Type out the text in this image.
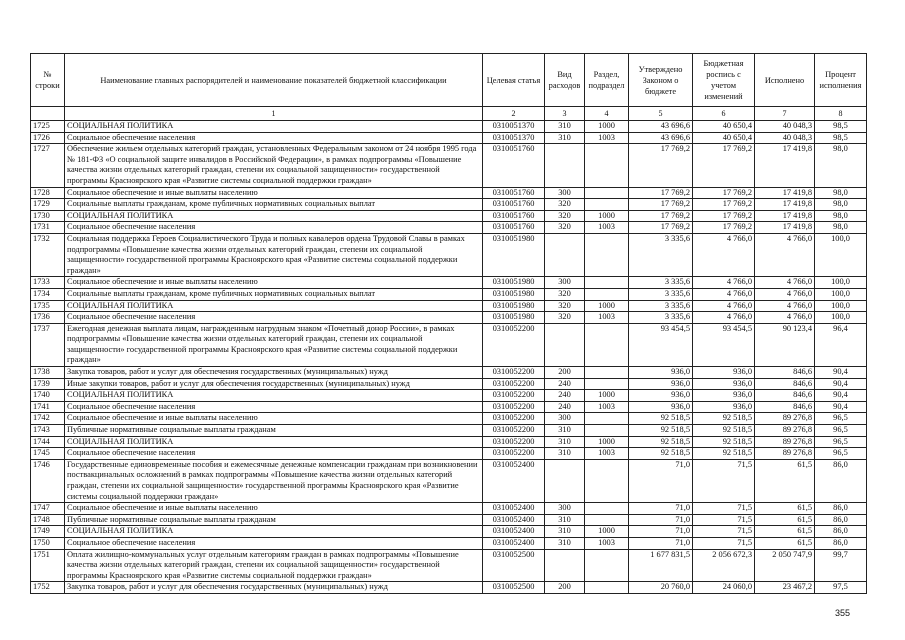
№ строки	Наименование главных распорядителей и наименование показателей бюджетной классификации	Целевая статья	Вид расходов	Раздел, подраздел	Утверждено Законом о бюджете	Бюджетная роспись с учетом изменений	Исполнено	Процент исполнения
	1	2	3	4	5	6	7	8
1725	СОЦИАЛЬНАЯ ПОЛИТИКА	0310051370	310	1000	43 696,6	40 650,4	40 048,3	98,5
1726	Социальное обеспечение населения	0310051370	310	1003	43 696,6	40 650,4	40 048,3	98,5
1727	Обеспечение жильем отдельных категорий граждан, установленных Федеральным законом от 24 ноября 1995 года № 181-ФЗ «О социальной защите инвалидов в Российской Федерации», в рамках подпрограммы «Повышение качества жизни отдельных категорий граждан, степени их социальной защищенности» государственной программы Красноярского края «Развитие системы социальной поддержки граждан»	0310051760			17 769,2	17 769,2	17 419,8	98,0
1728	Социальное обеспечение и иные выплаты населению	0310051760	300		17 769,2	17 769,2	17 419,8	98,0
1729	Социальные выплаты гражданам, кроме публичных нормативных социальных выплат	0310051760	320		17 769,2	17 769,2	17 419,8	98,0
1730	СОЦИАЛЬНАЯ ПОЛИТИКА	0310051760	320	1000	17 769,2	17 769,2	17 419,8	98,0
1731	Социальное обеспечение населения	0310051760	320	1003	17 769,2	17 769,2	17 419,8	98,0
1732	Социальная поддержка Героев Социалистического Труда и полных кавалеров ордена Трудовой Славы в рамках подпрограммы «Повышение качества жизни отдельных категорий граждан, степени их социальной защищенности» государственной программы Красноярского края «Развитие системы социальной поддержки граждан»	0310051980			3 335,6	4 766,0	4 766,0	100,0
1733	Социальное обеспечение и иные выплаты населению	0310051980	300		3 335,6	4 766,0	4 766,0	100,0
1734	Социальные выплаты гражданам, кроме публичных нормативных социальных выплат	0310051980	320		3 335,6	4 766,0	4 766,0	100,0
1735	СОЦИАЛЬНАЯ ПОЛИТИКА	0310051980	320	1000	3 335,6	4 766,0	4 766,0	100,0
1736	Социальное обеспечение населения	0310051980	320	1003	3 335,6	4 766,0	4 766,0	100,0
1737	Ежегодная денежная выплата лицам, награжденным нагрудным знаком «Почетный донор России», в рамках подпрограммы «Повышение качества жизни отдельных категорий граждан, степени их социальной защищенности» государственной программы Красноярского края «Развитие системы социальной поддержки граждан»	0310052200			93 454,5	93 454,5	90 123,4	96,4
1738	Закупка товаров, работ и услуг для обеспечения государственных (муниципальных) нужд	0310052200	200		936,0	936,0	846,6	90,4
1739	Иные закупки товаров, работ и услуг для обеспечения государственных (муниципальных) нужд	0310052200	240		936,0	936,0	846,6	90,4
1740	СОЦИАЛЬНАЯ ПОЛИТИКА	0310052200	240	1000	936,0	936,0	846,6	90,4
1741	Социальное обеспечение населения	0310052200	240	1003	936,0	936,0	846,6	90,4
1742	Социальное обеспечение и иные выплаты населению	0310052200	300		92 518,5	92 518,5	89 276,8	96,5
1743	Публичные нормативные социальные выплаты гражданам	0310052200	310		92 518,5	92 518,5	89 276,8	96,5
1744	СОЦИАЛЬНАЯ ПОЛИТИКА	0310052200	310	1000	92 518,5	92 518,5	89 276,8	96,5
1745	Социальное обеспечение населения	0310052200	310	1003	92 518,5	92 518,5	89 276,8	96,5
1746	Государственные единовременные пособия и ежемесячные денежные компенсации гражданам при возникновении поствакцинальных осложнений в рамках подпрограммы «Повышение качества жизни отдельных категорий граждан, степени их социальной защищенности» государственной программы Красноярского края «Развитие системы социальной поддержки граждан»	0310052400			71,0	71,5	61,5	86,0
1747	Социальное обеспечение и иные выплаты населению	0310052400	300		71,0	71,5	61,5	86,0
1748	Публичные нормативные социальные выплаты гражданам	0310052400	310		71,0	71,5	61,5	86,0
1749	СОЦИАЛЬНАЯ ПОЛИТИКА	0310052400	310	1000	71,0	71,5	61,5	86,0
1750	Социальное обеспечение населения	0310052400	310	1003	71,0	71,5	61,5	86,0
1751	Оплата жилищно-коммунальных услуг отдельным категориям граждан в рамках подпрограммы «Повышение качества жизни отдельных категорий граждан, степени их социальной защищенности» государственной программы Красноярского края «Развитие системы социальной поддержки граждан»	0310052500			1 677 831,5	2 056 672,3	2 050 747,9	99,7
1752	Закупка товаров, работ и услуг для обеспечения государственных (муниципальных) нужд	0310052500	200		20 760,0	24 060,0	23 467,2	97,5
355
